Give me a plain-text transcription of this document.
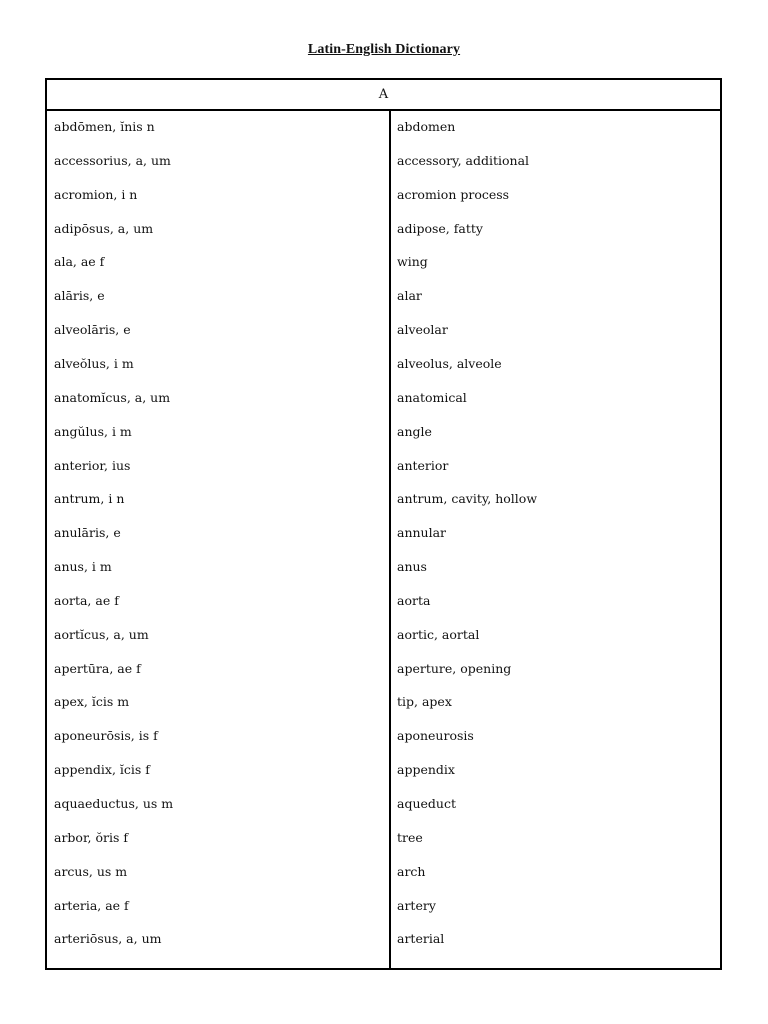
Latin-English Dictionary
A
abdōmen, ĭnis n
accessorius, a, um
acromion, i n
adipōsus, a, um
ala, ae f
alāris, e
alveolāris, e
alveŏlus, i m
anatomĭcus, a, um
angŭlus, i m
anterior, ius
antrum, i n
anulāris, e
anus, i m
aorta, ae f
aortĭcus, a, um
apertūra, ae f
apex, ĭcis m
aponeurōsis, is f
appendix, ĭcis f
aquaeductus, us m
arbor, ŏris f
arcus, us m
arteria, ae f
arteriōsus, a, um
abdomen
accessory, additional
acromion process
adipose, fatty
wing
alar
alveolar
alveolus, alveole
anatomical
angle
anterior
antrum, cavity, hollow
annular
anus
aorta
aortic, aortal
aperture, opening
tip, apex
aponeurosis
appendix
aqueduct
tree
arch
artery
arterial
